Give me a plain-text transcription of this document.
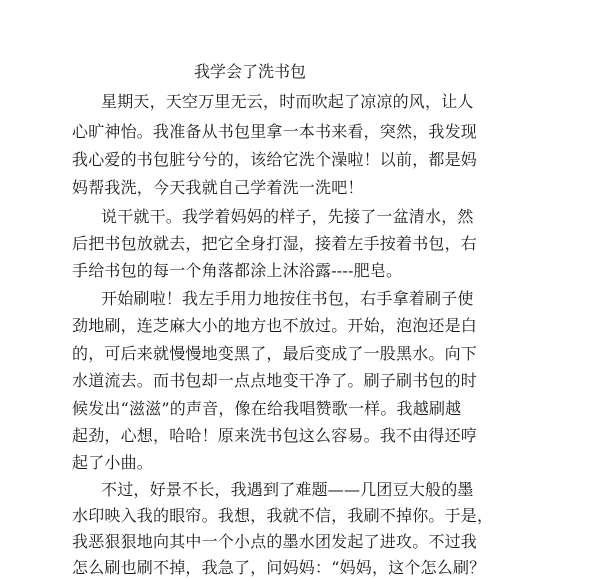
我学会了洗书包
星期天，天空万里无云，时而吹起了凉凉的风，让人
心旷神怡。我准备从书包里拿一本书来看，突然，我发现
我心爱的书包脏兮兮的，该给它洗个澡啦！以前，都是妈
妈帮我洗，今天我就自己学着洗一洗吧！
说干就干。我学着妈妈的样子，先接了一盆清水，然
后把书包放就去，把它全身打湿，接着左手按着书包，右
手给书包的每一个角落都涂上沐浴露----肥皂。
开始刷啦！我左手用力地按住书包，右手拿着刷子使
劲地刷，连芝麻大小的地方也不放过。开始，泡泡还是白
的，可后来就慢慢地变黑了，最后变成了一股黑水。向下
水道流去。而书包却一点点地变干净了。刷子刷书包的时
候发出“滋滋”的声音，像在给我唱赞歌一样。我越刷越
起劲，心想，哈哈！原来洗书包这么容易。我不由得还哼
起了小曲。
不过，好景不长，我遇到了难题——几团豆大般的墨
水印映入我的眼帘。我想，我就不信，我刷不掉你。于是，
我恶狠狠地向其中一个小点的墨水团发起了进攻。不过我
怎么刷也刷不掉，我急了，问妈妈：“妈妈，这个怎么刷？
